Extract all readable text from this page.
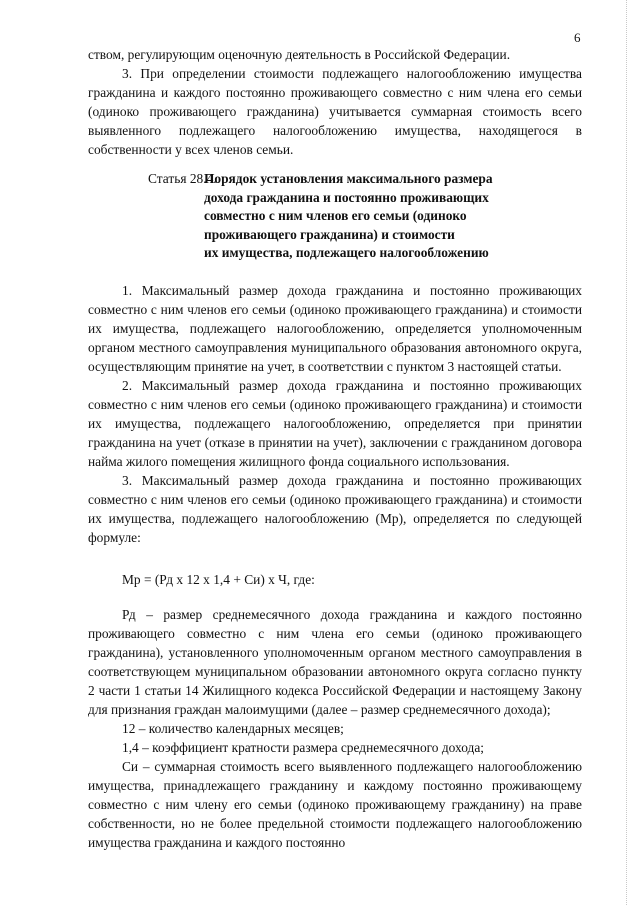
6

ством, регулирующим оценочную деятельность в Российской Федерации.

3. При определении стоимости подлежащего налогообложению имущества гражданина и каждого постоянно проживающего совместно с ним члена его семьи (одиноко проживающего гражданина) учитывается суммарная стоимость всего выявленного подлежащего налогообложению имущества, находящегося в собственности у всех членов семьи.

Статья 28.4.
Порядок установления максимального размера
дохода гражданина и постоянно проживающих
совместно с ним членов его семьи (одиноко
проживающего гражданина) и стоимости
их имущества, подлежащего налогообложению

1. Максимальный размер дохода гражданина и постоянно проживающих совместно с ним членов его семьи (одиноко проживающего гражданина) и стоимости их имущества, подлежащего налогообложению, определяется уполномоченным органом местного самоуправления муниципального образования автономного округа, осуществляющим принятие на учет, в соответствии с пунктом 3 настоящей статьи.

2. Максимальный размер дохода гражданина и постоянно проживающих совместно с ним членов его семьи (одиноко проживающего гражданина) и стоимости их имущества, подлежащего налогообложению, определяется при принятии гражданина на учет (отказе в принятии на учет), заключении с гражданином договора найма жилого помещения жилищного фонда социального использования.

3. Максимальный размер дохода гражданина и постоянно проживающих совместно с ним членов его семьи (одиноко проживающего гражданина) и стоимости их имущества, подлежащего налогообложению (Мр), определяется по следующей формуле:

Мр = (Рд х 12 х 1,4 + Си) х Ч, где:

Рд – размер среднемесячного дохода гражданина и каждого постоянно проживающего совместно с ним члена его семьи (одиноко проживающего гражданина), установленного уполномоченным органом местного самоуправления в соответствующем муниципальном образовании автономного округа согласно пункту 2 части 1 статьи 14 Жилищного кодекса Российской Федерации и настоящему Закону для признания граждан малоимущими (далее – размер среднемесячного дохода);

12 – количество календарных месяцев;

1,4 – коэффициент кратности размера среднемесячного дохода;

Си – суммарная стоимость всего выявленного подлежащего налогообложению имущества, принадлежащего гражданину и каждому постоянно проживающему совместно с ним члену его семьи (одиноко проживающему гражданину) на праве собственности, но не более предельной стоимости подлежащего налогообложению имущества гражданина и каждого постоянно
